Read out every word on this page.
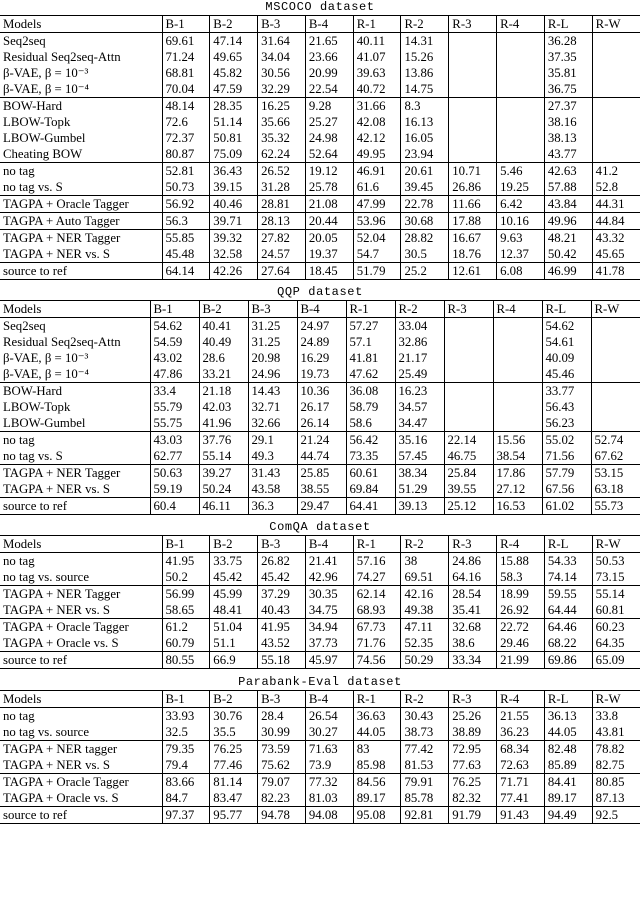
MSCOCO dataset
Models	B-1	B-2	B-3	B-4	R-1	R-2	R-3	R-4	R-L	R-W
Seq2seq	69.61	47.14	31.64	21.65	40.11	14.31			36.28	
Residual Seq2seq-Attn	71.24	49.65	34.04	23.66	41.07	15.26			37.35	
β-VAE, β = 10⁻³	68.81	45.82	30.56	20.99	39.63	13.86			35.81	
β-VAE, β = 10⁻⁴	70.04	47.59	32.29	22.54	40.72	14.75			36.75	
BOW-Hard	48.14	28.35	16.25	9.28	31.66	8.3			27.37	
LBOW-Topk	72.6	51.14	35.66	25.27	42.08	16.13			38.16	
LBOW-Gumbel	72.37	50.81	35.32	24.98	42.12	16.05			38.13	
Cheating BOW	80.87	75.09	62.24	52.64	49.95	23.94			43.77	
no tag	52.81	36.43	26.52	19.12	46.91	20.61	10.71	5.46	42.63	41.2
no tag vs. S	50.73	39.15	31.28	25.78	61.6	39.45	26.86	19.25	57.88	52.8
TAGPA + Oracle Tagger	56.92	40.46	28.81	21.08	47.99	22.78	11.66	6.42	43.84	44.31
TAGPA + Auto Tagger	56.3	39.71	28.13	20.44	53.96	30.68	17.88	10.16	49.96	44.84
TAGPA + NER Tagger	55.85	39.32	27.82	20.05	52.04	28.82	16.67	9.63	48.21	43.32
TAGPA + NER vs. S	45.48	32.58	24.57	19.37	54.7	30.5	18.76	12.37	50.42	45.65
source to ref	64.14	42.26	27.64	18.45	51.79	25.2	12.61	6.08	46.99	41.78
QQP dataset
Models	B-1	B-2	B-3	B-4	R-1	R-2	R-3	R-4	R-L	R-W
Seq2seq	54.62	40.41	31.25	24.97	57.27	33.04			54.62	
Residual Seq2seq-Attn	54.59	40.49	31.25	24.89	57.1	32.86			54.61	
β-VAE, β = 10⁻³	43.02	28.6	20.98	16.29	41.81	21.17			40.09	
β-VAE, β = 10⁻⁴	47.86	33.21	24.96	19.73	47.62	25.49			45.46	
BOW-Hard	33.4	21.18	14.43	10.36	36.08	16.23			33.77	
LBOW-Topk	55.79	42.03	32.71	26.17	58.79	34.57			56.43	
LBOW-Gumbel	55.75	41.96	32.66	26.14	58.6	34.47			56.23	
no tag	43.03	37.76	29.1	21.24	56.42	35.16	22.14	15.56	55.02	52.74
no tag vs. S	62.77	55.14	49.3	44.74	73.35	57.45	46.75	38.54	71.56	67.62
TAGPA + NER Tagger	50.63	39.27	31.43	25.85	60.61	38.34	25.84	17.86	57.79	53.15
TAGPA + NER vs. S	59.19	50.24	43.58	38.55	69.84	51.29	39.55	27.12	67.56	63.18
source to ref	60.4	46.11	36.3	29.47	64.41	39.13	25.12	16.53	61.02	55.73
ComQA dataset
Models	B-1	B-2	B-3	B-4	R-1	R-2	R-3	R-4	R-L	R-W
no tag	41.95	33.75	26.82	21.41	57.16	38	24.86	15.88	54.33	50.53
no tag vs. source	50.2	45.42	45.42	42.96	74.27	69.51	64.16	58.3	74.14	73.15
TAGPA + NER Tagger	56.99	45.99	37.29	30.35	62.14	42.16	28.54	18.99	59.55	55.14
TAGPA + NER vs. S	58.65	48.41	40.43	34.75	68.93	49.38	35.41	26.92	64.44	60.81
TAGPA + Oracle Tagger	61.2	51.04	41.95	34.94	67.73	47.11	32.68	22.72	64.46	60.23
TAGPA + Oracle vs. S	60.79	51.1	43.52	37.73	71.76	52.35	38.6	29.46	68.22	64.35
source to ref	80.55	66.9	55.18	45.97	74.56	50.29	33.34	21.99	69.86	65.09
Parabank-Eval dataset
Models	B-1	B-2	B-3	B-4	R-1	R-2	R-3	R-4	R-L	R-W
no tag	33.93	30.76	28.4	26.54	36.63	30.43	25.26	21.55	36.13	33.8
no tag vs. source	32.5	35.5	30.99	30.27	44.05	38.73	38.89	36.23	44.05	43.81
TAGPA + NER tagger	79.35	76.25	73.59	71.63	83	77.42	72.95	68.34	82.48	78.82
TAGPA + NER vs. S	79.4	77.46	75.62	73.9	85.98	81.53	77.63	72.63	85.89	82.75
TAGPA + Oracle Tagger	83.66	81.14	79.07	77.32	84.56	79.91	76.25	71.71	84.41	80.85
TAGPA + Oracle vs. S	84.7	83.47	82.23	81.03	89.17	85.78	82.32	77.41	89.17	87.13
source to ref	97.37	95.77	94.78	94.08	95.08	92.81	91.79	91.43	94.49	92.5
